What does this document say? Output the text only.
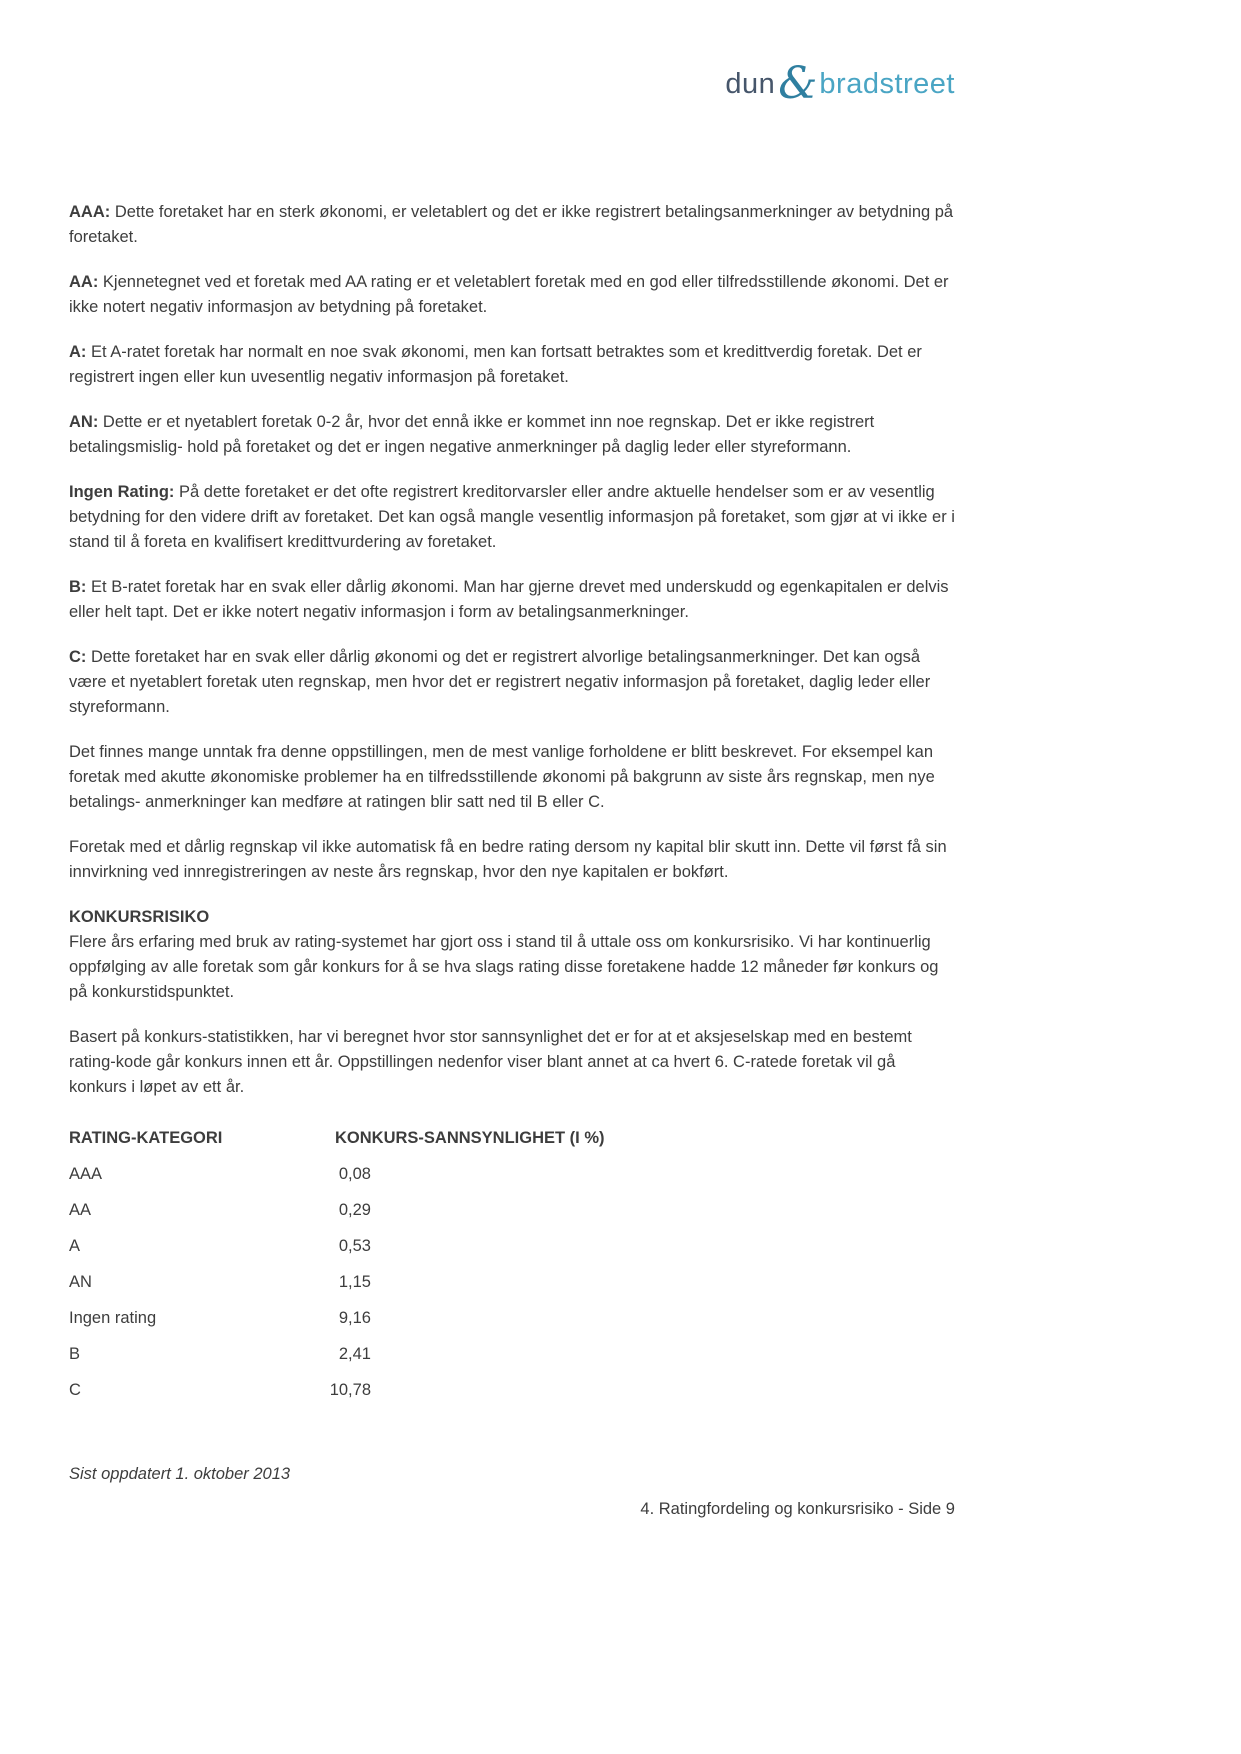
dun & bradstreet

AAA: Dette foretaket har en sterk økonomi, er veletablert og det er ikke registrert betalingsanmerkninger av betydning på foretaket.

AA: Kjennetegnet ved et foretak med AA rating er et veletablert foretak med en god eller tilfredsstillende økonomi. Det er ikke notert negativ informasjon av betydning på foretaket.

A: Et A-ratet foretak har normalt en noe svak økonomi, men kan fortsatt betraktes som et kredittverdig foretak. Det er registrert ingen eller kun uvesentlig negativ informasjon på foretaket.

AN: Dette er et nyetablert foretak 0-2 år, hvor det ennå ikke er kommet inn noe regnskap. Det er ikke registrert betalingsmislig- hold på foretaket og det er ingen negative anmerkninger på daglig leder eller styreformann.

Ingen Rating: På dette foretaket er det ofte registrert kreditorvarsler eller andre aktuelle hendelser som er av vesentlig betydning for den videre drift av foretaket. Det kan også mangle vesentlig informasjon på foretaket, som gjør at vi ikke er i stand til å foreta en kvalifisert kredittvurdering av foretaket.

B: Et B-ratet foretak har en svak eller dårlig økonomi. Man har gjerne drevet med underskudd og egenkapitalen er delvis eller helt tapt. Det er ikke notert negativ informasjon i form av betalingsanmerkninger.

C: Dette foretaket har en svak eller dårlig økonomi og det er registrert alvorlige betalingsanmerkninger. Det kan også være et nyetablert foretak uten regnskap, men hvor det er registrert negativ informasjon på foretaket, daglig leder eller styreformann.

Det finnes mange unntak fra denne oppstillingen, men de mest vanlige forholdene er blitt beskrevet. For eksempel kan foretak med akutte økonomiske problemer ha en tilfredsstillende økonomi på bakgrunn av siste års regnskap, men nye betalings- anmerkninger kan medføre at ratingen blir satt ned til B eller C.

Foretak med et dårlig regnskap vil ikke automatisk få en bedre rating dersom ny kapital blir skutt inn. Dette vil først få sin innvirkning ved innregistreringen av neste års regnskap, hvor den nye kapitalen er bokført.

KONKURSRISIKO
Flere års erfaring med bruk av rating-systemet har gjort oss i stand til å uttale oss om konkursrisiko. Vi har kontinuerlig oppfølging av alle foretak som går konkurs for å se hva slags rating disse foretakene hadde 12 måneder før konkurs og på konkurstidspunktet.

Basert på konkurs-statistikken, har vi beregnet hvor stor sannsynlighet det er for at et aksjeselskap med en bestemt rating-kode går konkurs innen ett år. Oppstillingen nedenfor viser blant annet at ca hvert 6. C-ratede foretak vil gå konkurs i løpet av ett år.

RATING-KATEGORI	KONKURS-SANNSYNLIGHET (I %)
AAA	0,08
AA	0,29
A	0,53
AN	1,15
Ingen rating	9,16
B	2,41
C	10,78
Sist oppdatert 1. oktober 2013
4. Ratingfordeling og konkursrisiko - Side 9
